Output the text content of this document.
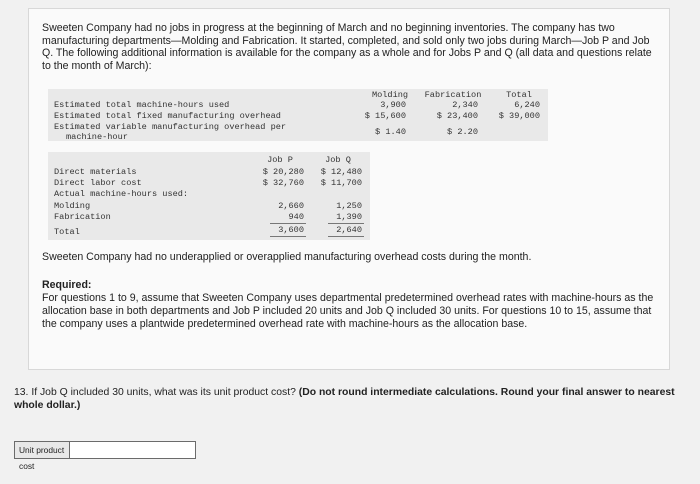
Sweeten Company had no jobs in progress at the beginning of March and no beginning inventories. The company has two manufacturing departments—Molding and Fabrication. It started, completed, and sold only two jobs during March—Job P and Job Q. The following additional information is available for the company as a whole and for Jobs P and Q (all data and questions relate to the month of March):
Molding	Fabrication	Total
Estimated total machine-hours used	3,900	2,340	6,240
Estimated total fixed manufacturing overhead	$ 15,600	$ 23,400	$ 39,000
Estimated variable manufacturing overhead per
machine-hour	$ 1.40	$ 2.20
Job P	Job Q
Direct materials	$ 20,280	$ 12,480
Direct labor cost	$ 32,760	$ 11,700
Actual machine-hours used:
Molding	2,660	1,250
Fabrication	940	1,390
Total	3,600	2,640
Sweeten Company had no underapplied or overapplied manufacturing overhead costs during the month.
Required:
For questions 1 to 9, assume that Sweeten Company uses departmental predetermined overhead rates with machine-hours as the allocation base in both departments and Job P included 20 units and Job Q included 30 units. For questions 10 to 15, assume that the company uses a plantwide predetermined overhead rate with machine-hours as the allocation base.
13. If Job Q included 30 units, what was its unit product cost? (Do not round intermediate calculations. Round your final answer to nearest whole dollar.)
Unit product cost
